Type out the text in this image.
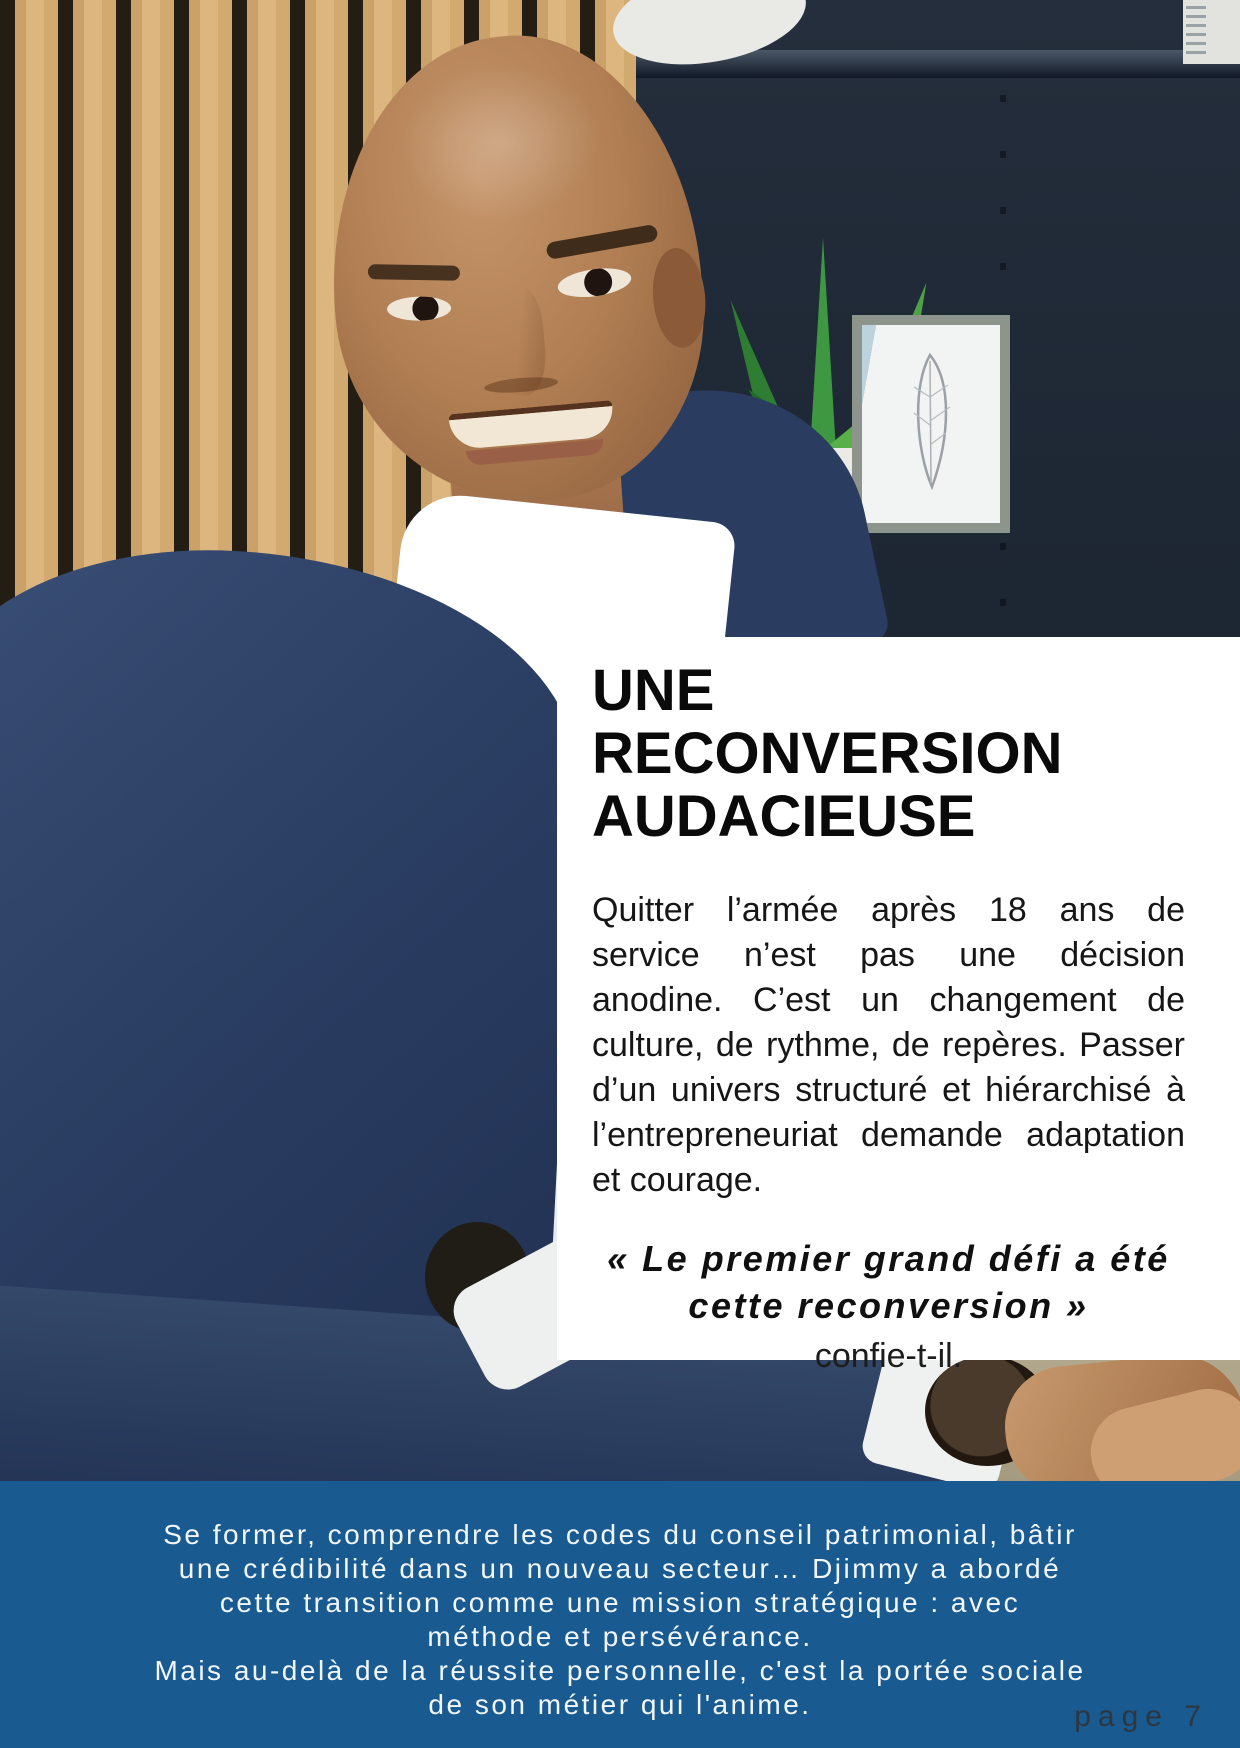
UNE RECONVERSION
AUDACIEUSE

Quitter l’armée après 18 ans de service n’est pas une décision anodine. C’est un changement de culture, de rythme, de repères. Passer d’un univers structuré et hiérarchisé à l’entrepreneuriat demande adaptation et courage.

« Le premier grand défi a été cette reconversion »

confie-t-il.

Se former, comprendre les codes du conseil patrimonial, bâtir
une crédibilité dans un nouveau secteur… Djimmy a abordé
cette transition comme une mission stratégique : avec
méthode et persévérance.
Mais au-delà de la réussite personnelle, c'est la portée sociale
de son métier qui l'anime.	page 7
